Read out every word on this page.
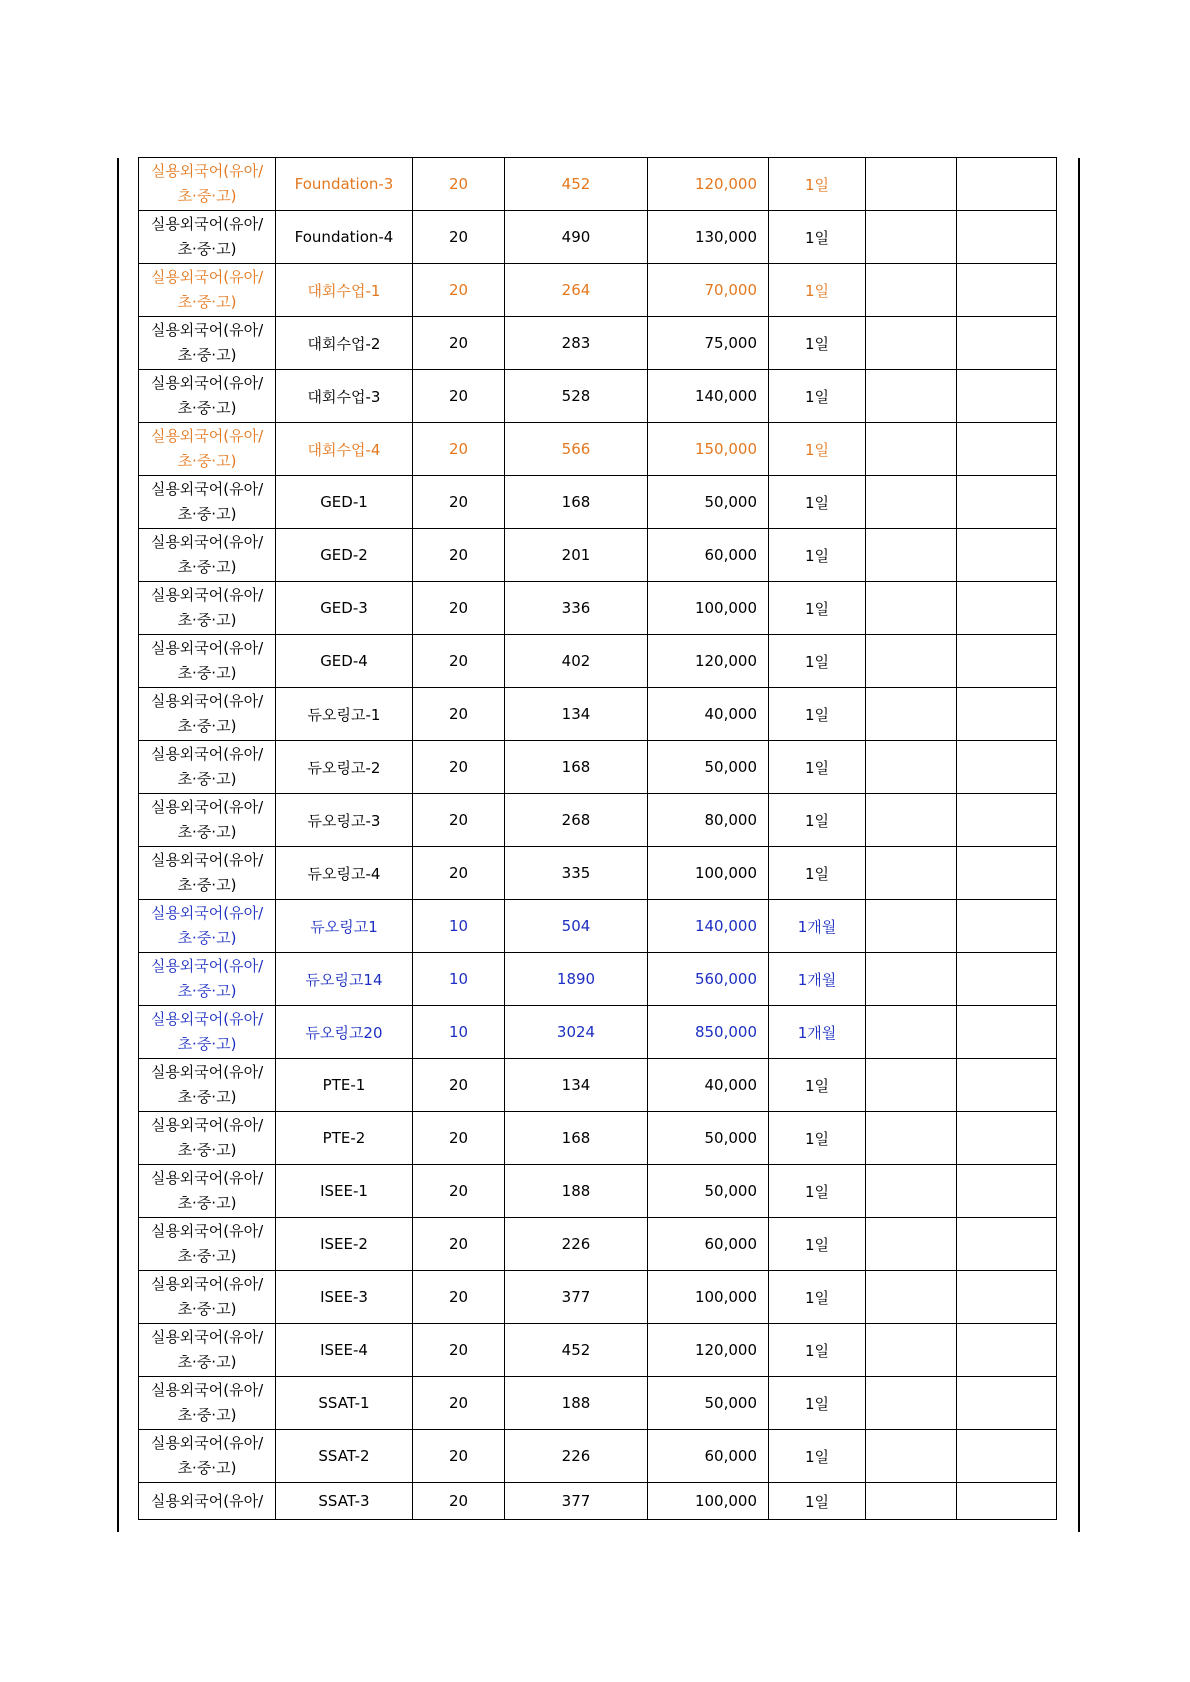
실용외국어(유아/
초·중·고)	Foundation-3	20	452	120,000	1일		

실용외국어(유아/
초·중·고)	Foundation-4	20	490	130,000	1일		

실용외국어(유아/
초·중·고)	대회수업-1	20	264	70,000	1일		

실용외국어(유아/
초·중·고)	대회수업-2	20	283	75,000	1일		

실용외국어(유아/
초·중·고)	대회수업-3	20	528	140,000	1일		

실용외국어(유아/
초·중·고)	대회수업-4	20	566	150,000	1일		

실용외국어(유아/
초·중·고)	GED-1	20	168	50,000	1일		

실용외국어(유아/
초·중·고)	GED-2	20	201	60,000	1일		

실용외국어(유아/
초·중·고)	GED-3	20	336	100,000	1일		

실용외국어(유아/
초·중·고)	GED-4	20	402	120,000	1일		

실용외국어(유아/
초·중·고)	듀오링고-1	20	134	40,000	1일		

실용외국어(유아/
초·중·고)	듀오링고-2	20	168	50,000	1일		

실용외국어(유아/
초·중·고)	듀오링고-3	20	268	80,000	1일		

실용외국어(유아/
초·중·고)	듀오링고-4	20	335	100,000	1일		

실용외국어(유아/
초·중·고)	듀오링고1	10	504	140,000	1개월		

실용외국어(유아/
초·중·고)	듀오링고14	10	1890	560,000	1개월		

실용외국어(유아/
초·중·고)	듀오링고20	10	3024	850,000	1개월		

실용외국어(유아/
초·중·고)	PTE-1	20	134	40,000	1일		

실용외국어(유아/
초·중·고)	PTE-2	20	168	50,000	1일		

실용외국어(유아/
초·중·고)	ISEE-1	20	188	50,000	1일		

실용외국어(유아/
초·중·고)	ISEE-2	20	226	60,000	1일		

실용외국어(유아/
초·중·고)	ISEE-3	20	377	100,000	1일		

실용외국어(유아/
초·중·고)	ISEE-4	20	452	120,000	1일		

실용외국어(유아/
초·중·고)	SSAT-1	20	188	50,000	1일		

실용외국어(유아/
초·중·고)	SSAT-2	20	226	60,000	1일		

실용외국어(유아/	SSAT-3	20	377	100,000	1일		
